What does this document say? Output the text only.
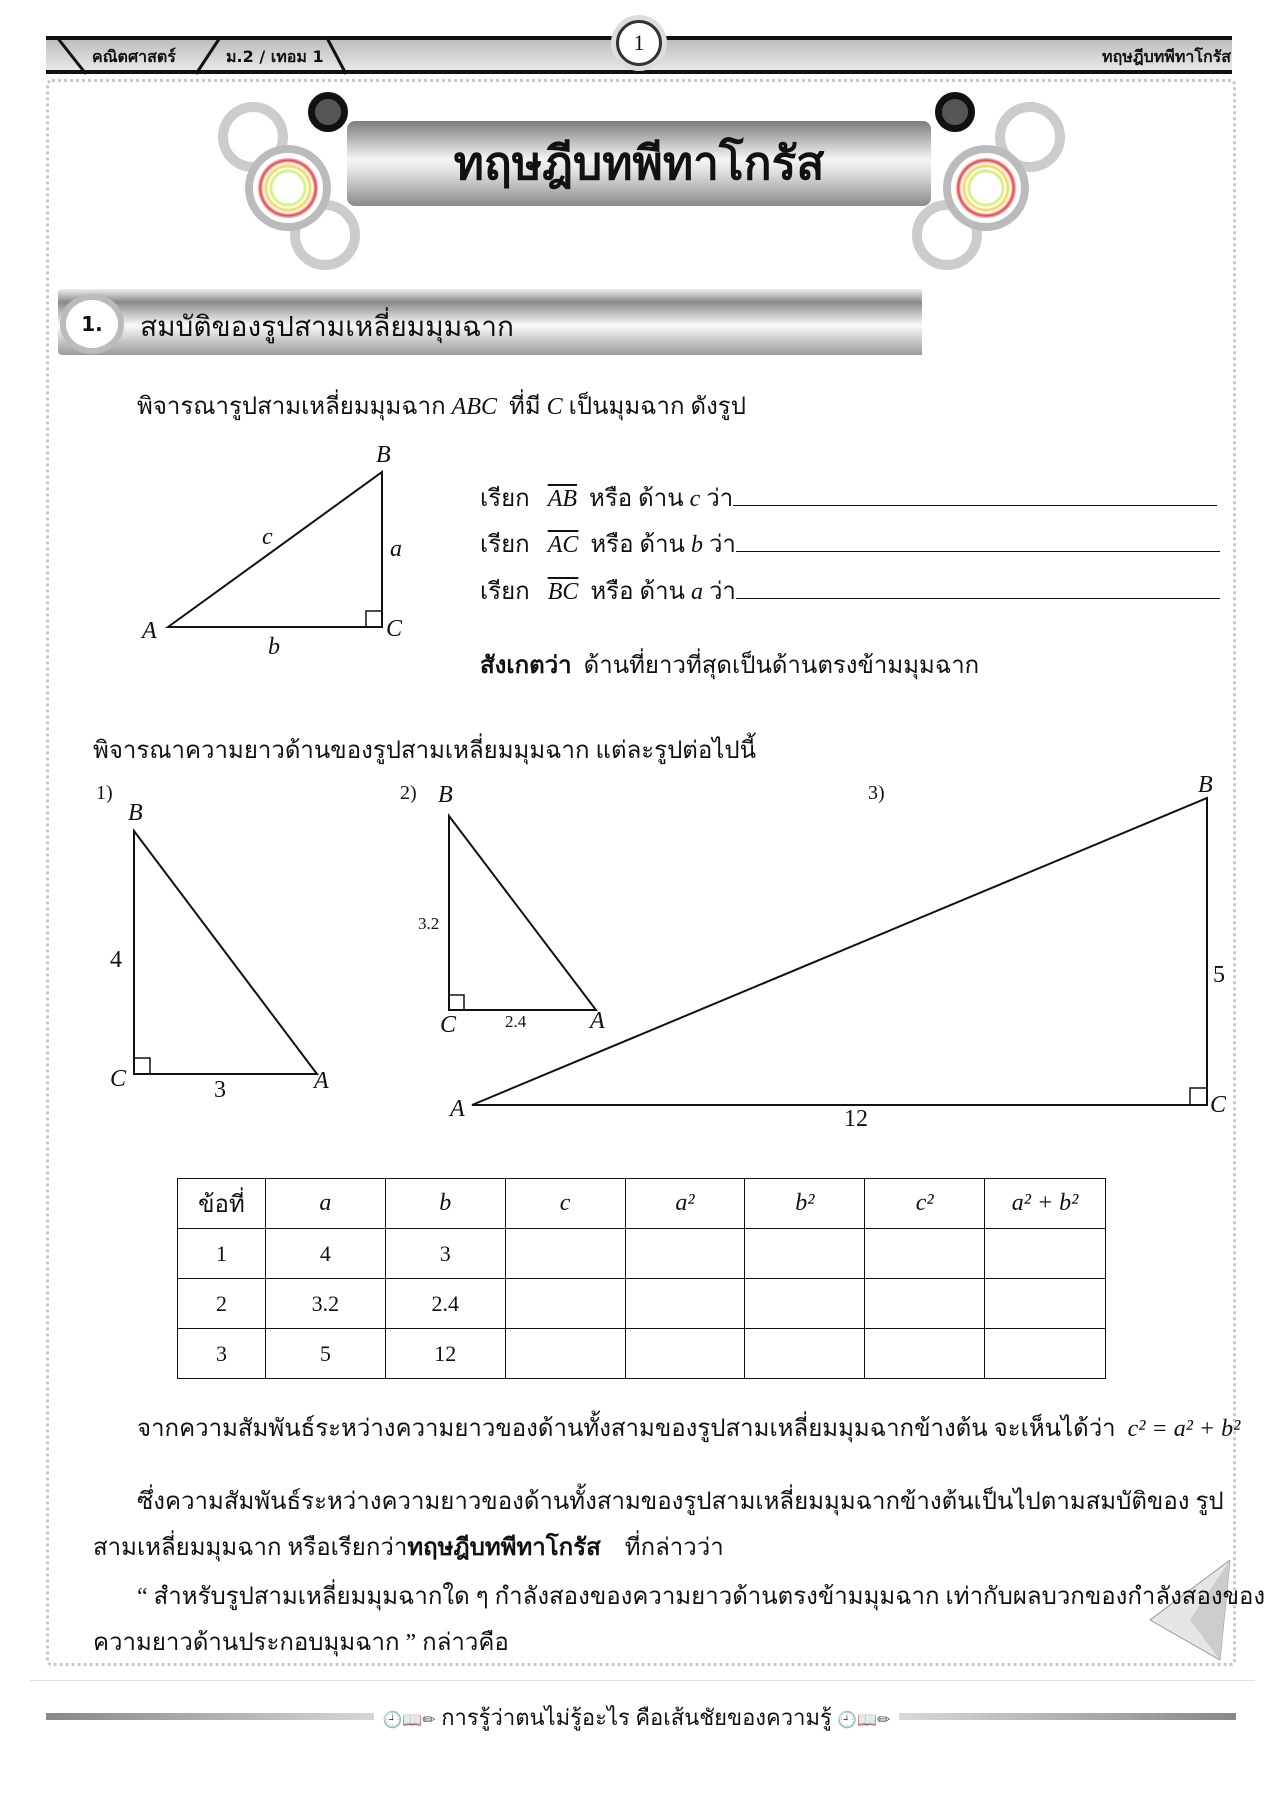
คณิตศาสตร์	ม.2 / เทอม 1
1
ทฤษฎีบทพีทาโกรัส
ทฤษฎีบทพีทาโกรัส
1.	สมบัติของรูปสามเหลี่ยมมุมฉาก
พิจารณารูปสามเหลี่ยมมุมฉาก ABC ที่มี C เป็นมุมฉาก ดังรูป
A
B
C
a
b
c
เรียก $\overline{AB}$ หรือ ด้าน c ว่า
เรียก $\overline{AC}$ หรือ ด้าน b ว่า
เรียก $\overline{BC}$ หรือ ด้าน a ว่า
สังเกตว่า ด้านที่ยาวที่สุดเป็นด้านตรงข้ามมุมฉาก
พิจารณาความยาวด้านของรูปสามเหลี่ยมมุมฉาก แต่ละรูปต่อไปนี้
1)
B
C	A
4
3
2) B
C	A
3.2
2.4
3)	B
C
A
5
12
ข้อที่	a	b	c	a²	b²	c²	a² + b²
1	4	3					
2	3.2	2.4					
3	5	12					
จากความสัมพันธ์ระหว่างความยาวของด้านทั้งสามของรูปสามเหลี่ยมมุมฉากข้างต้น จะเห็นได้ว่า c² = a² + b²
ซึ่งความสัมพันธ์ระหว่างความยาวของด้านทั้งสามของรูปสามเหลี่ยมมุมฉากข้างต้นเป็นไปตามสมบัติของ รูป
สามเหลี่ยมมุมฉาก หรือเรียกว่าทฤษฎีบทพีทาโกรัส ที่กล่าวว่า
“ สำหรับรูปสามเหลี่ยมมุมฉากใด ๆ กำลังสองของความยาวด้านตรงข้ามมุมฉาก เท่ากับผลบวกของกำลังสองของ
ความยาวด้านประกอบมุมฉาก ” กล่าวคือ
🕘📖✏ การรู้ว่าตนไม่รู้อะไร คือเส้นชัยของความรู้ 🕘📖✏
